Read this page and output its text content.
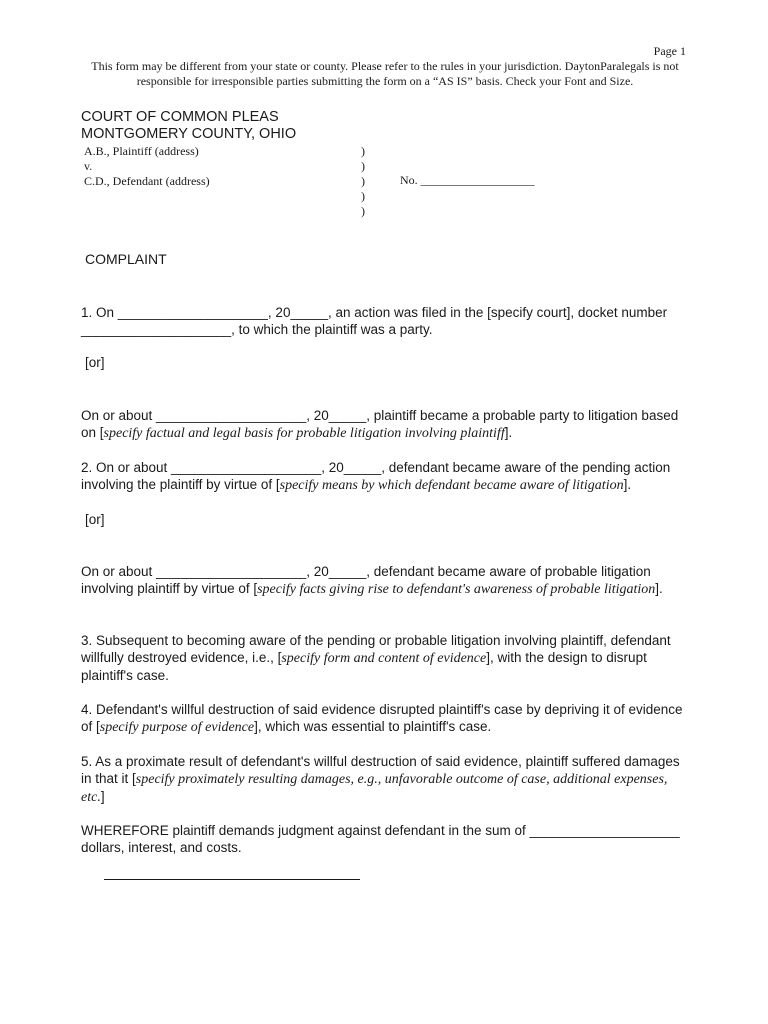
Page 1
This form may be different from your state or county. Please refer to the rules in your jurisdiction. DaytonParalegals is not responsible for irresponsible parties submitting the form on a “AS IS” basis. Check your Font and Size.
COURT OF COMMON PLEAS
MONTGOMERY COUNTY, OHIO
A.B., Plaintiff (address)
v.
C.D., Defendant (address)
)
)
)
)
)
No. ___________________
COMPLAINT
1. On ____________________, 20_____, an action was filed in the [specify court], docket number ____________________, to which the plaintiff was a party.
[or]
On or about ____________________, 20_____, plaintiff became a probable party to litigation based on [specify factual and legal basis for probable litigation involving plaintiff].
2. On or about ____________________, 20_____, defendant became aware of the pending action involving the plaintiff by virtue of [specify means by which defendant became aware of litigation].
[or]
On or about ____________________, 20_____, defendant became aware of probable litigation involving plaintiff by virtue of [specify facts giving rise to defendant's awareness of probable litigation].
3. Subsequent to becoming aware of the pending or probable litigation involving plaintiff, defendant willfully destroyed evidence, i.e., [specify form and content of evidence], with the design to disrupt plaintiff's case.
4. Defendant's willful destruction of said evidence disrupted plaintiff's case by depriving it of evidence of [specify purpose of evidence], which was essential to plaintiff's case.
5. As a proximate result of defendant's willful destruction of said evidence, plaintiff suffered damages in that it [specify proximately resulting damages, e.g., unfavorable outcome of case, additional expenses, etc.]
WHEREFORE plaintiff demands judgment against defendant in the sum of ____________________ dollars, interest, and costs.
